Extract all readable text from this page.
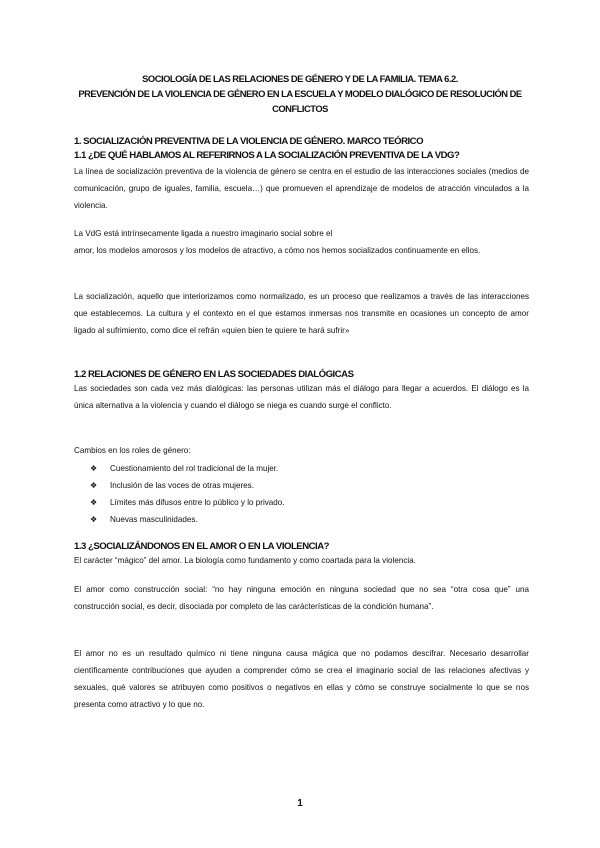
SOCIOLOGÍA DE LAS RELACIONES DE GÉNERO Y DE LA FAMILIA. TEMA 6.2.
PREVENCIÓN DE LA VIOLENCIA DE GÉNERO EN LA ESCUELA Y MODELO DIALÓGICO DE RESOLUCIÓN DE
CONFLICTOS
1. SOCIALIZACIÓN PREVENTIVA DE LA VIOLENCIA DE GÉNERO. MARCO TEÓRICO
1.1 ¿DE QUÉ HABLAMOS AL REFERIRNOS A LA SOCIALIZACIÓN PREVENTIVA DE LA VDG?

La línea de socialización preventiva de la violencia de género se centra en el estudio de las interacciones sociales (medios de comunicación, grupo de iguales, familia, escuela…) que promueven el aprendizaje de modelos de atracción vinculados a la violencia.

La VdG está intrínsecamente ligada a nuestro imaginario social sobre el

amor, los modelos amorosos y los modelos de atractivo, a cómo nos hemos socializados continuamente en ellos.

La socialización, aquello que interiorizamos como normalizado, es un proceso que realizamos a través de las interacciones que establecemos. La cultura y el contexto en el que estamos inmersas nos transmite en ocasiones un concepto de amor ligado al sufrimiento, como dice el refrán «quien bien te quiere te hará sufrir»

1.2 RELACIONES DE GÉNERO EN LAS SOCIEDADES DIALÓGICAS

Las sociedades son cada vez más dialógicas: las personas utilizan más el diálogo para llegar a acuerdos. El diálogo es la única alternativa a la violencia y cuando el diálogo se niega es cuando surge el conflicto.

Cambios en los roles de género:

❖	Cuestionamiento del rol tradicional de la mujer.
❖	Inclusión de las voces de otras mujeres.
❖	Límites más difusos entre lo público y lo privado.
❖	Nuevas masculinidades.
1.3 ¿SOCIALIZÁNDONOS EN EL AMOR O EN LA VIOLENCIA?

El carácter “mágico” del amor. La biología como fundamento y como coartada para la violencia.

El amor como construcción social: “no hay ninguna emoción en ninguna sociedad que no sea “otra cosa que” una construcción social, es decir, disociada por completo de las carácterísticas de la condición humana”.

El amor no es un resultado químico ni tiene ninguna causa mágica que no podamos descifrar. Necesario desarrollar científicamente contribuciones que ayuden a comprender cómo se crea el imaginario social de las relaciones afectivas y sexuales, qué valores se atribuyen como positivos o negativos en ellas y cómo se construye socialmente lo que se nos presenta como atractivo y lo que no.

1
